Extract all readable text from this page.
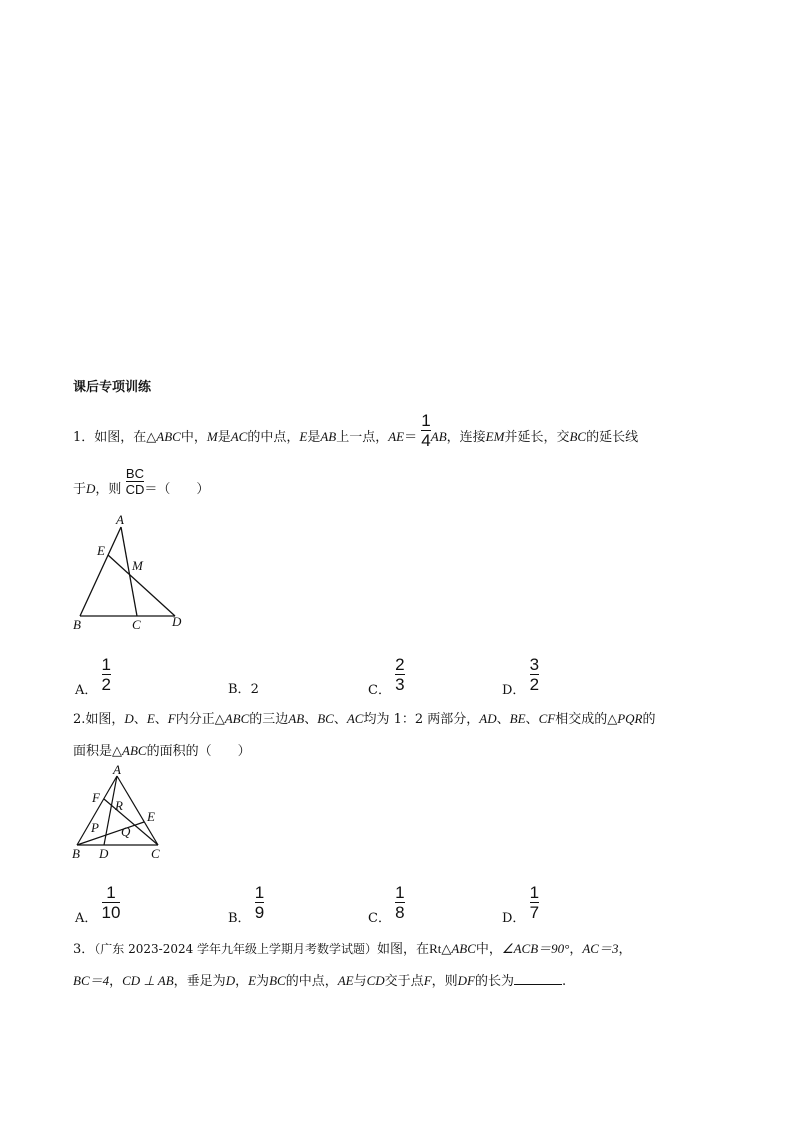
课后专项训练
1．如图，在△ABC中，M是AC的中点，E是AB上一点，$AE= \frac{1}{4}$ AB，连接EM并延长，交BC的延长线
于D，则 $\frac{BC}{CD}$ ＝（　　）
A
E
M
B	C D
A． $\frac{1}{2}$	B．2	C． $\frac{2}{3}$	D． $\frac{3}{2}$
2.如图，D、E、F内分正△ABC的三边AB、BC、AC均为 1：2 两部分，AD、BE、CF相交成的△PQR的
面积是△ABC的面积的（　　）
A
F
R
E
P Q
B D	C
A． $\frac{1}{10}$	B． $\frac{1}{9}$	C． $\frac{1}{8}$	D． $\frac{1}{7}$
3．（广东 2023-2024 学年九年级上学期月考数学试题）如图，在Rt△ABC中，∠ACB＝90°，AC＝3，
BC＝4，CD ⊥ AB，垂足为D，E为BC的中点，AE与CD交于点F，则DF的长为	.
